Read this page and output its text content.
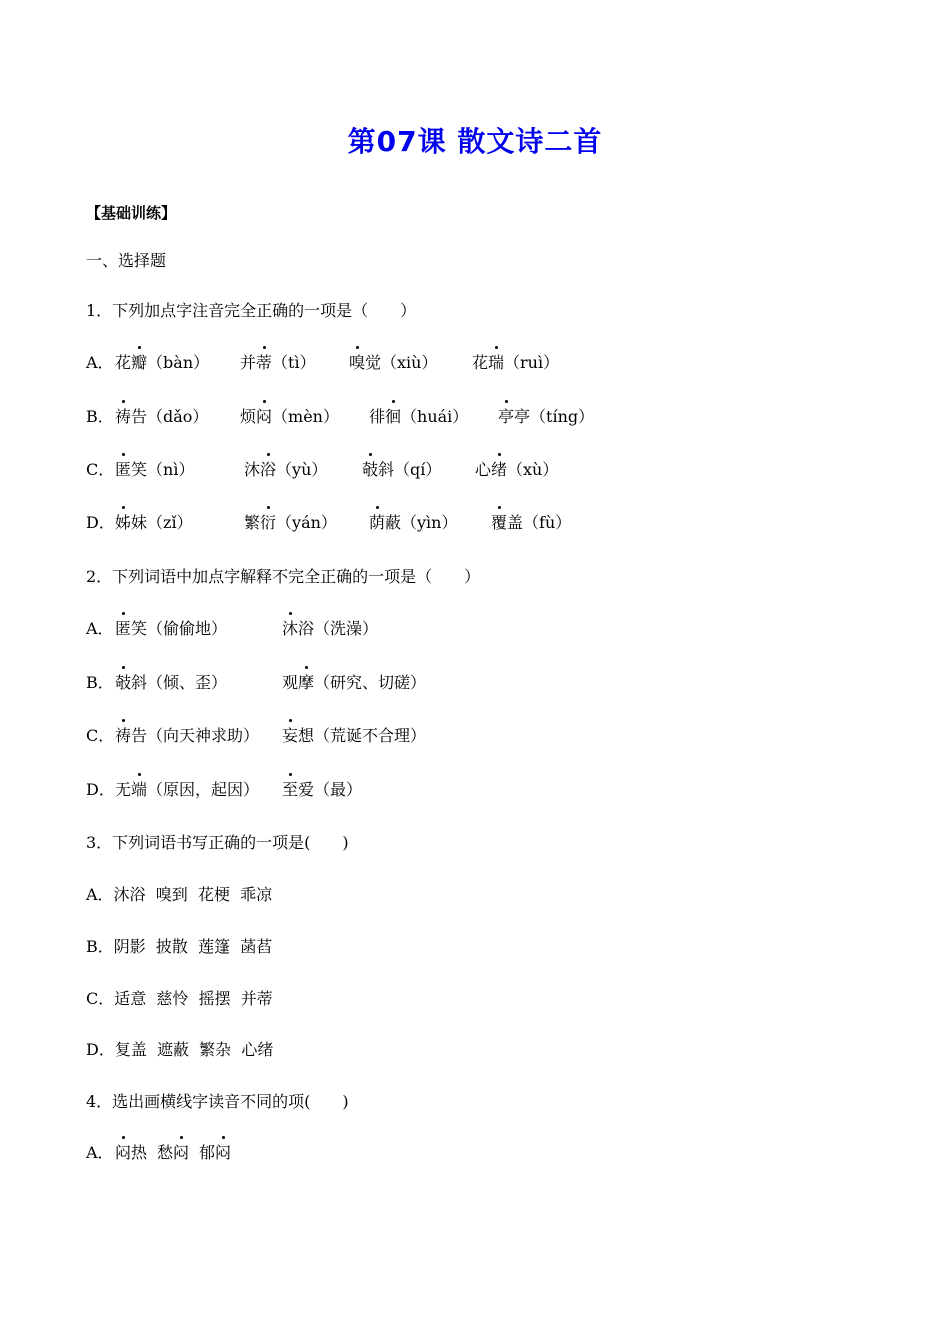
第07课 散文诗二首
【基础训练】
一、选择题
1．下列加点字注音完全正确的一项是（　　）
A． 花瓣（bàn） 并蒂（tì） 嗅觉（xiù） 花瑞（ruì）
B． 祷告（dǎo） 烦闷（mèn） 徘徊（huái） 亭亭（tíng）
C． 匿笑（nì）	沐浴（yù） 攲斜（qí） 心绪（xù）
D． 姊妹（zǐ）	繁衍（yán） 荫蔽（yìn） 覆盖（fù）
2．下列词语中加点字解释不完全正确的一项是（　　）
A． 匿笑（偷偷地）	沐浴（洗澡）
B． 攲斜（倾、歪）	观摩（研究、切磋）
C． 祷告（向天神求助） 妄想（荒诞不合理）
D． 无端（原因，起因） 至爱（最）
3．下列词语书写正确的一项是(　　)
A．沐浴  嗅到  花梗  乖凉
B．阴影  披散  莲篷  菡萏
C．适意  慈怜  摇摆  并蒂
D．复盖  遮蔽  繁杂  心绪
4．选出画横线字读音不同的项(　　)
A． 闷热 愁闷 郁闷
